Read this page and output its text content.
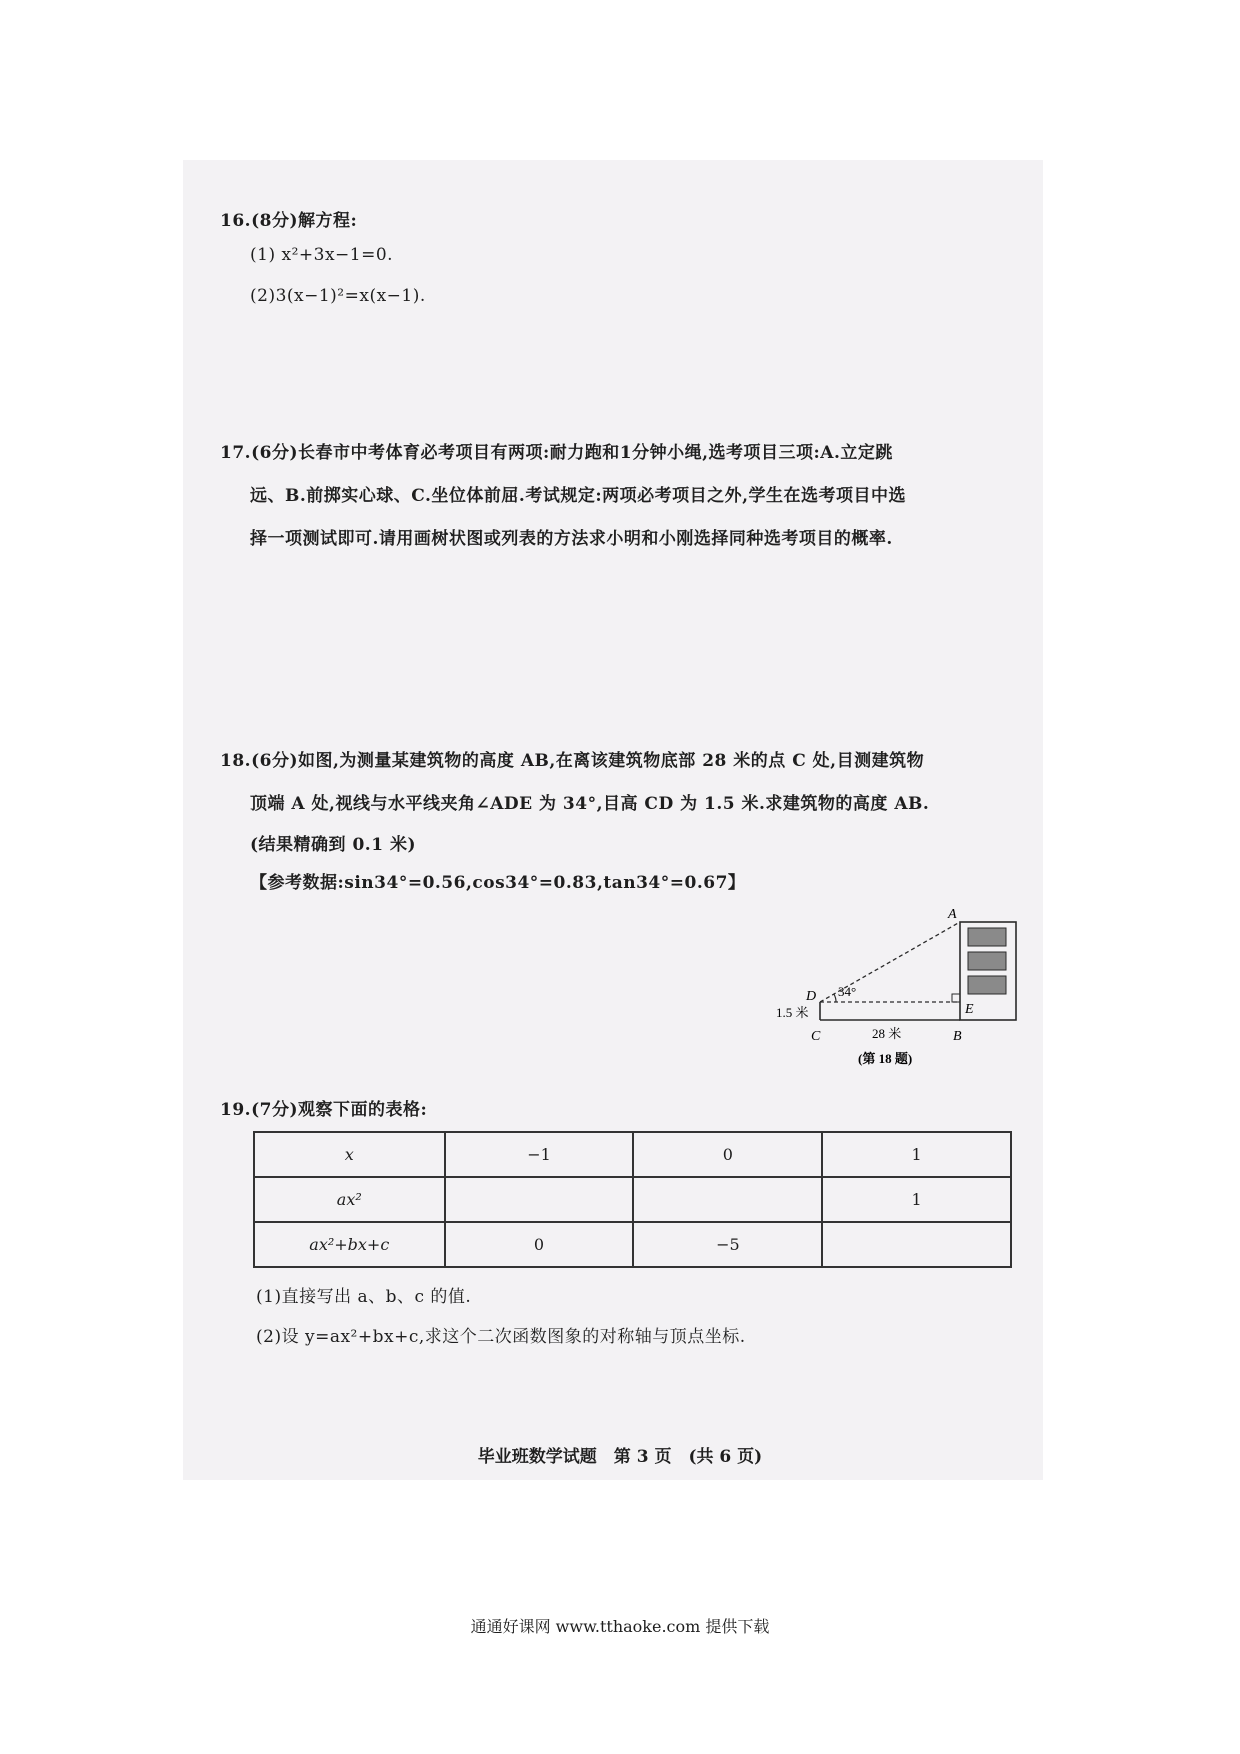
16.(8分)解方程:
(1) x²+3x−1=0.
(2)3(x−1)²=x(x−1).
17.(6分)长春市中考体育必考项目有两项:耐力跑和1分钟小绳,选考项目三项:A.立定跳
远、B.前掷实心球、C.坐位体前屈.考试规定:两项必考项目之外,学生在选考项目中选
择一项测试即可.请用画树状图或列表的方法求小明和小刚选择同种选考项目的概率.
18.(6分)如图,为测量某建筑物的高度 AB,在离该建筑物底部 28 米的点 C 处,目测建筑物
顶端 A 处,视线与水平线夹角∠ADE 为 34°,目高 CD 为 1.5 米.求建筑物的高度 AB.
(结果精确到 0.1 米)
【参考数据:sin34°=0.56,cos34°=0.83,tan34°=0.67】
A
D
E
C	B
34°
1.5 米
28 米
(第 18 题)
19.(7分)观察下面的表格:
x	−1	0	1
ax²			1
ax²+bx+c	0	−5	
(1)直接写出 a、b、c 的值.
(2)设 y=ax²+bx+c,求这个二次函数图象的对称轴与顶点坐标.
毕业班数学试题　第 3 页　(共 6 页)
通通好课网 www.tthaoke.com 提供下载
